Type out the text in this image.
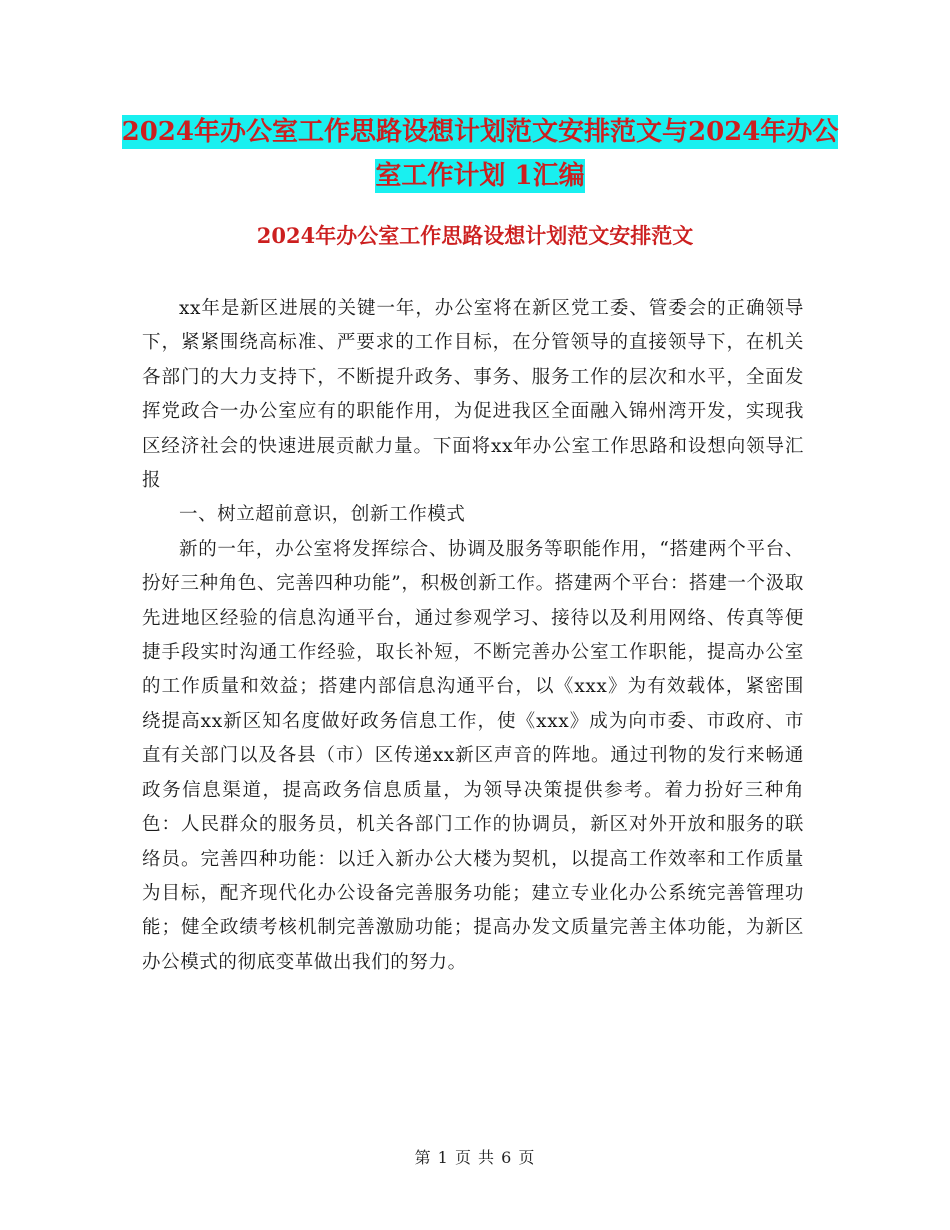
2024年办公室工作思路设想计划范文安排范文与2024年办公室工作计划 1汇编
2024年办公室工作思路设想计划范文安排范文

xx年是新区进展的关键一年，办公室将在新区党工委、管委会的正确领导下，紧紧围绕高标准、严要求的工作目标，在分管领导的直接领导下，在机关各部门的大力支持下，不断提升政务、事务、服务工作的层次和水平，全面发挥党政合一办公室应有的职能作用，为促进我区全面融入锦州湾开发，实现我区经济社会的快速进展贡献力量。下面将xx年办公室工作思路和设想向领导汇报

一、树立超前意识，创新工作模式

新的一年，办公室将发挥综合、协调及服务等职能作用，“搭建两个平台、扮好三种角色、完善四种功能”，积极创新工作。搭建两个平台：搭建一个汲取先进地区经验的信息沟通平台，通过参观学习、接待以及利用网络、传真等便捷手段实时沟通工作经验，取长补短，不断完善办公室工作职能，提高办公室的工作质量和效益；搭建内部信息沟通平台，以《xxx》为有效载体，紧密围绕提高xx新区知名度做好政务信息工作，使《xxx》成为向市委、市政府、市直有关部门以及各县（市）区传递xx新区声音的阵地。通过刊物的发行来畅通政务信息渠道，提高政务信息质量，为领导决策提供参考。着力扮好三种角色：人民群众的服务员，机关各部门工作的协调员，新区对外开放和服务的联络员。完善四种功能：以迁入新办公大楼为契机，以提高工作效率和工作质量为目标，配齐现代化办公设备完善服务功能；建立专业化办公系统完善管理功能；健全政绩考核机制完善激励功能；提高办发文质量完善主体功能，为新区办公模式的彻底变革做出我们的努力。

第 1 页 共 6 页
